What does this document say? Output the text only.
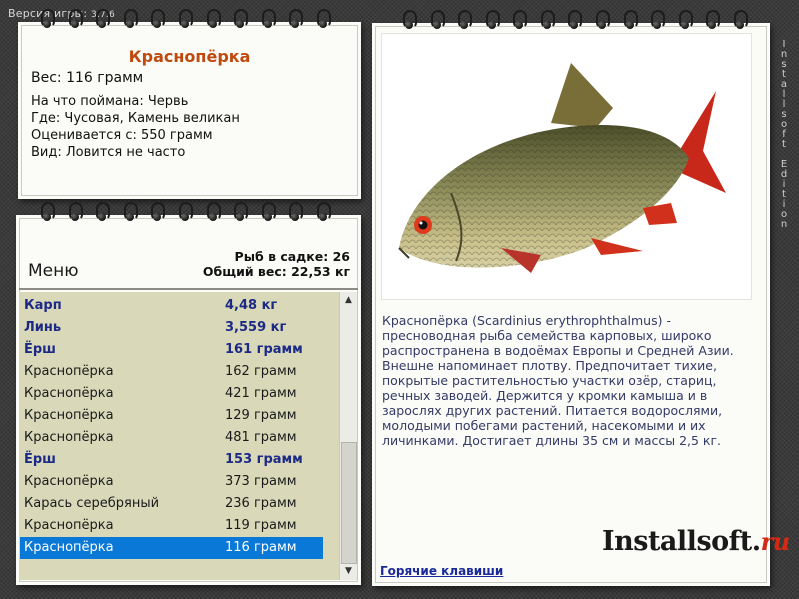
Версия игры: 3.7.6
Краснопёрка
Вес: 116 грамм
На что поймана: Червь
Где: Чусовая, Камень великан
Оценивается с: 550 грамм
Вид: Ловится не часто
Меню
Рыб в садке: 26
Общий вес: 22,53 кг
Карп	4,48 кг
Линь	3,559 кг
Ёрш	161 грамм
Краснопёрка	162 грамм
Краснопёрка	421 грамм
Краснопёрка	129 грамм
Краснопёрка	481 грамм
Ёрш	153 грамм
Краснопёрка	373 грамм
Карась серебряный	236 грамм
Краснопёрка	119 грамм
Краснопёрка	116 грамм
▲
▼
Краснопёрка (Scardinius erythrophthalmus) - пресноводная рыба семейства карповых, широко распространена в водоёмах Европы и Средней Азии. Внешне напоминает плотву. Предпочитает тихие, покрытые растительностью участки озёр, стариц, речных заводей. Держится у кромки камыша и в зарослях других растений. Питается водорослями, молодыми побегами растений, насекомыми и их личинками. Достигает длины 35 см и массы 2,5 кг.
Installsoft.ru
Горячие клавиши
I
n
s
t
a
l
l
s
o
f
t

E
d
i
t
i
o
n
